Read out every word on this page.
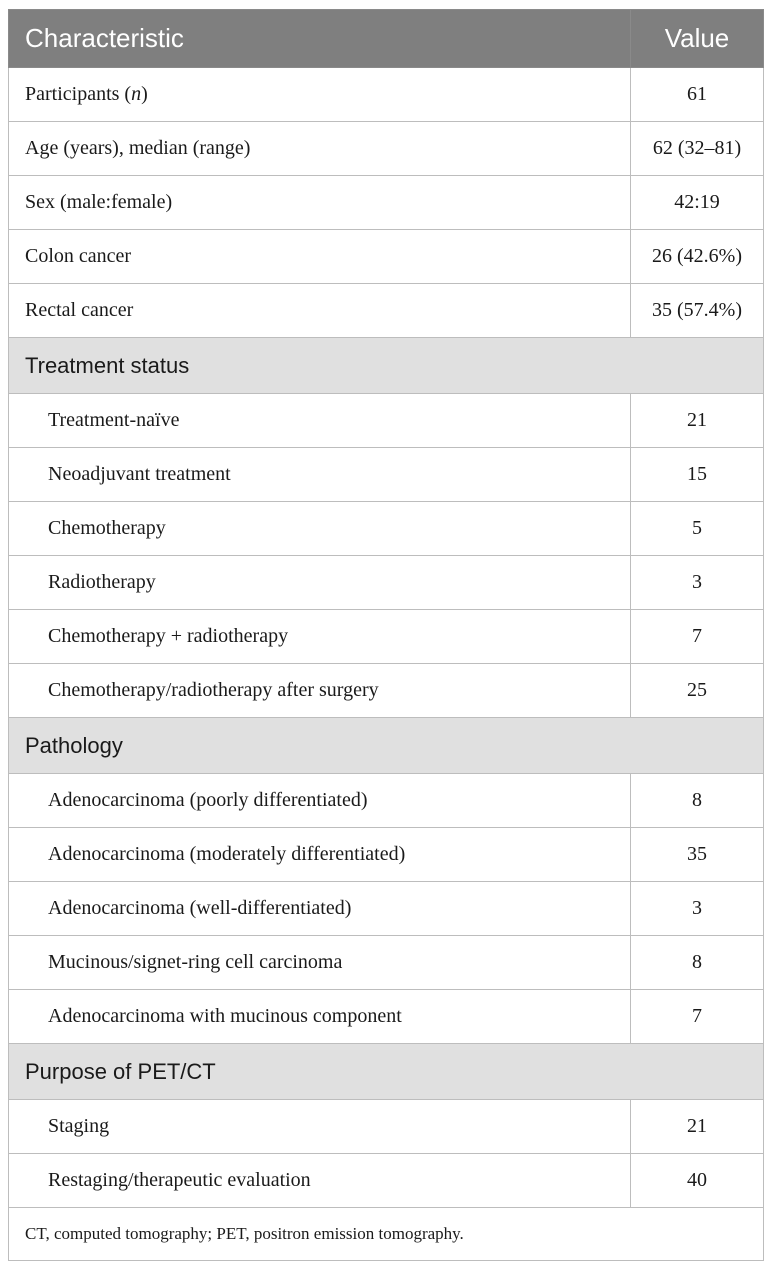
Characteristic	Value
Participants (n)	61
Age (years), median (range)	62 (32–81)
Sex (male:female)	42:19
Colon cancer	26 (42.6%)
Rectal cancer	35 (57.4%)
Treatment status	
Treatment-naïve	21
Neoadjuvant treatment	15
Chemotherapy	5
Radiotherapy	3
Chemotherapy + radiotherapy	7
Chemotherapy/radiotherapy after surgery	25
Pathology	
Adenocarcinoma (poorly differentiated)	8
Adenocarcinoma (moderately differentiated)	35
Adenocarcinoma (well-differentiated)	3
Mucinous/signet-ring cell carcinoma	8
Adenocarcinoma with mucinous component	7
Purpose of PET/CT	
Staging	21
Restaging/therapeutic evaluation	40
CT, computed tomography; PET, positron emission tomography.	
